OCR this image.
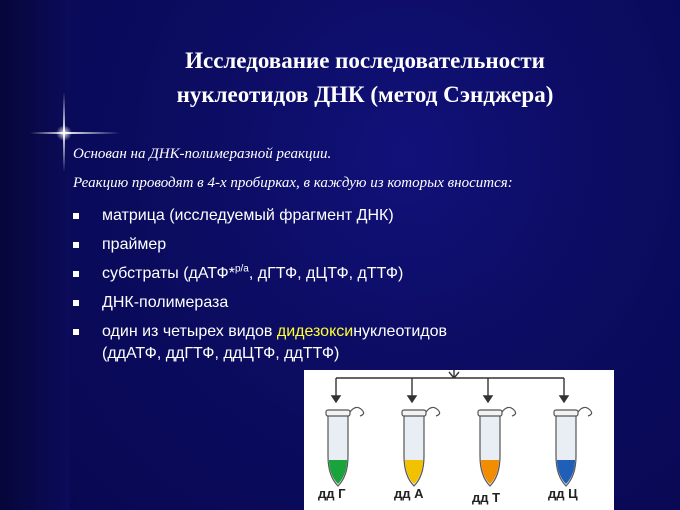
Исследование последовательности
нуклеотидов ДНК (метод Сэнджера)
Основан на ДНК-полимеразной реакции.
Реакцию проводят в 4-х пробирках, в каждую из которых вносится:
матрица (исследуемый фрагмент ДНК)
праймер
субстраты (дАТФ*$^{р/а}$, дГТФ, дЦТФ, дТТФ)
ДНК-полимераза
один из четырех видов дидезоксинуклеотидов
(ддАТФ, ддГТФ, ддЦТФ, ддТТФ)
дд Г	дд А	дд Т	дд Ц
